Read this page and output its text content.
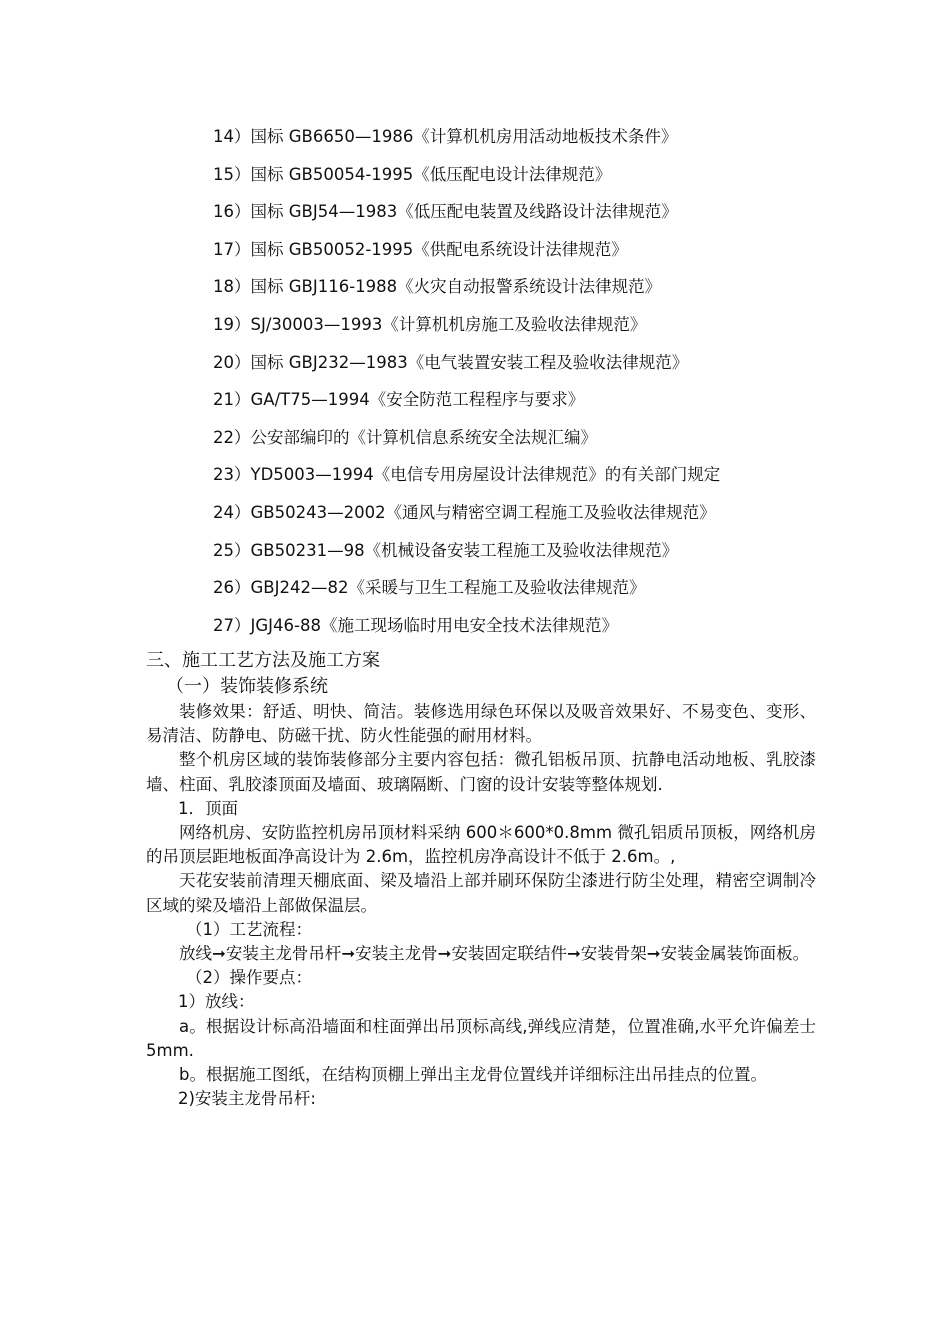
14）国标 GB6650—1986《计算机机房用活动地板技术条件》
15）国标 GB50054-1995《低压配电设计法律规范》
16）国标 GBJ54—1983《低压配电装置及线路设计法律规范》
17）国标 GB50052-1995《供配电系统设计法律规范》
18）国标 GBJ116-1988《火灾自动报警系统设计法律规范》
19）SJ/30003—1993《计算机机房施工及验收法律规范》
20）国标 GBJ232—1983《电气装置安装工程及验收法律规范》
21）GA/T75—1994《安全防范工程程序与要求》
22）公安部编印的《计算机信息系统安全法规汇编》
23）YD5003—1994《电信专用房屋设计法律规范》的有关部门规定
24）GB50243—2002《通风与精密空调工程施工及验收法律规范》
25）GB50231—98《机械设备安装工程施工及验收法律规范》
26）GBJ242—82《采暖与卫生工程施工及验收法律规范》
27）JGJ46-88《施工现场临时用电安全技术法律规范》
三、施工工艺方法及施工方案
（一）装饰装修系统

装修效果：舒适、明快、简洁。装修选用绿色环保以及吸音效果好、不易变色、变形、易清洁、防静电、防磁干扰、防火性能强的耐用材料。

整个机房区域的装饰装修部分主要内容包括：微孔铝板吊顶、抗静电活动地板、乳胶漆墙、柱面、乳胶漆顶面及墙面、玻璃隔断、门窗的设计安装等整体规划.

1．顶面

网络机房、安防监控机房吊顶材料采纳 600＊600*0.8mm 微孔铝质吊顶板，网络机房的吊顶层距地板面净高设计为 2.6m，监控机房净高设计不低于 2.6m。,

天花安装前清理天棚底面、梁及墙沿上部并刷环保防尘漆进行防尘处理，精密空调制冷区域的梁及墙沿上部做保温层。

（1）工艺流程：

放线➞安装主龙骨吊杆➞安装主龙骨➞安装固定联结件➞安装骨架➞安装金属装饰面板。

（2）操作要点：
1）放线：

a。根据设计标高沿墙面和柱面弹出吊顶标高线,弹线应清楚，位置准确,水平允许偏差士 5mm.

b。根据施工图纸，在结构顶棚上弹出主龙骨位置线并详细标注出吊挂点的位置。

2)安装主龙骨吊杆:
